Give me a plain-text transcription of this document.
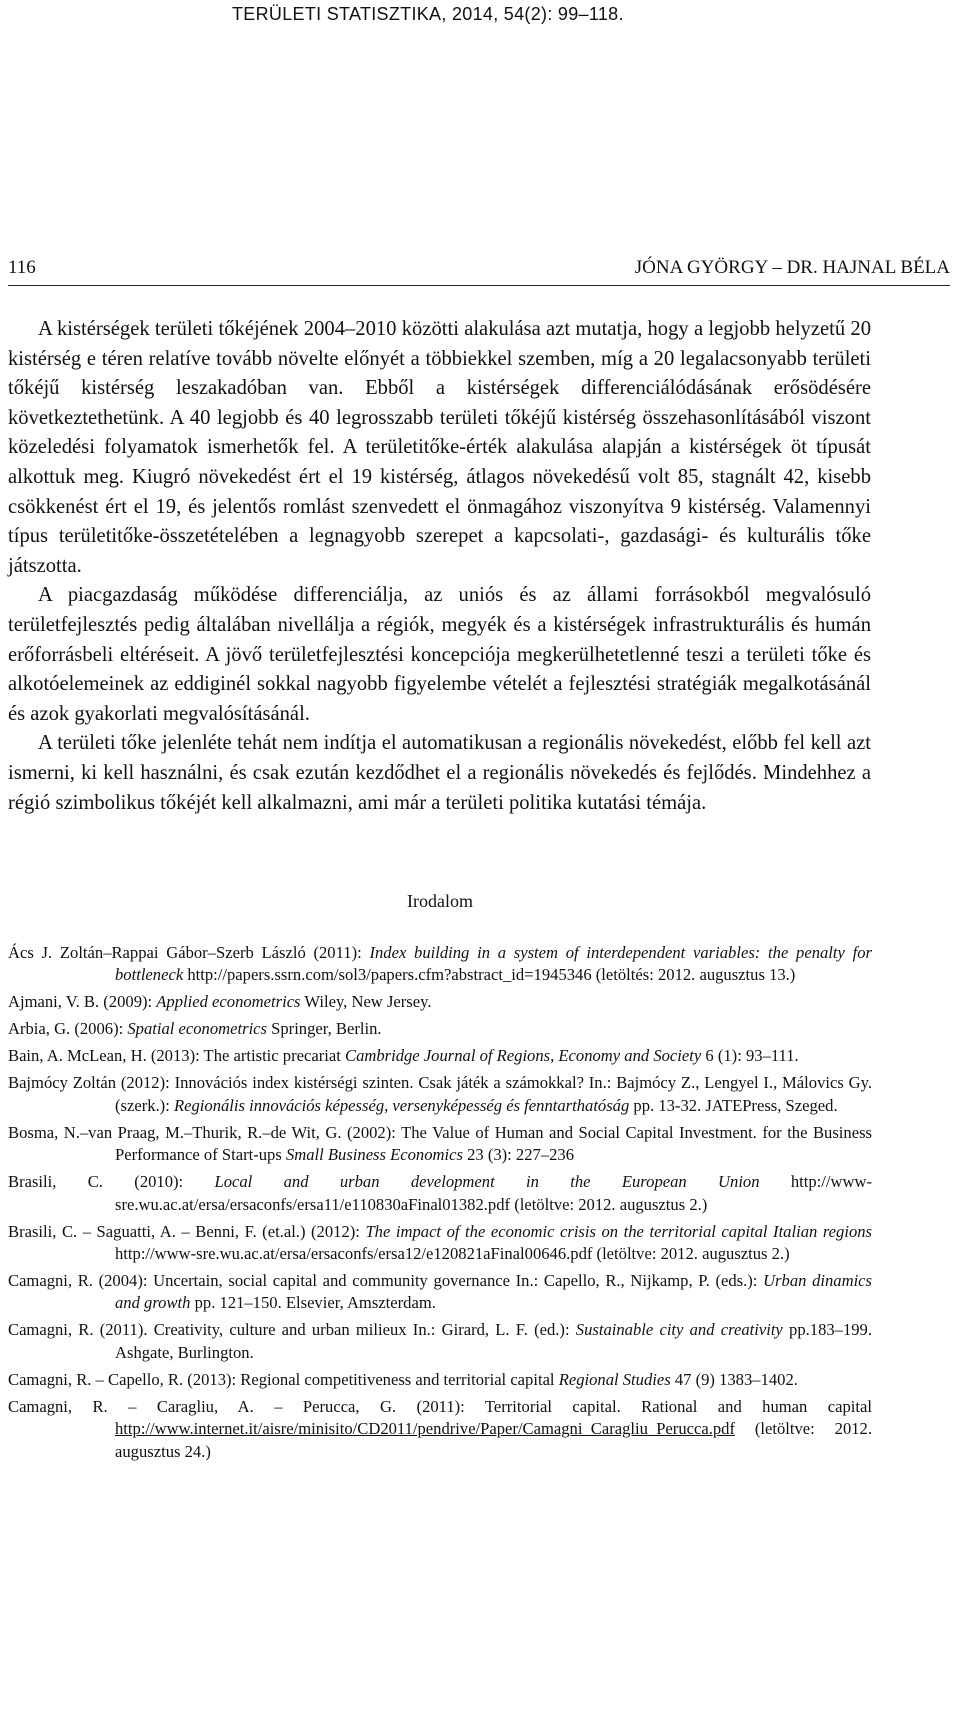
TERÜLETI STATISZTIKA, 2014, 54(2): 99–118.
116	JÓNA GYÖRGY – DR. HAJNAL BÉLA

A kistérségek területi tőkéjének 2004–2010 közötti alakulása azt mutatja, hogy a legjobb helyzetű 20 kistérség e téren relatíve tovább növelte előnyét a többiekkel szemben, míg a 20 legalacsonyabb területi tőkéjű kistérség leszakadóban van. Ebből a kistérségek differenciálódásának erősödésére következtethetünk. A 40 legjobb és 40 legrosszabb területi tőkéjű kistérség összehasonlításából viszont közeledési folyamatok ismerhetők fel. A területitőke-érték alakulása alapján a kistérségek öt típusát alkottuk meg. Kiugró növekedést ért el 19 kistérség, átlagos növekedésű volt 85, stagnált 42, kisebb csökkenést ért el 19, és jelentős romlást szenvedett el önmagához viszonyítva 9 kistérség. Valamennyi típus területitőke-összetételében a legnagyobb szerepet a kapcsolati-, gazdasági- és kulturális tőke játszotta.

A piacgazdaság működése differenciálja, az uniós és az állami forrásokból megvalósuló területfejlesztés pedig általában nivellálja a régiók, megyék és a kistérségek infrastrukturális és humán erőforrásbeli eltéréseit. A jövő területfejlesztési koncepciója megkerülhetetlenné teszi a területi tőke és alkotóelemeinek az eddiginél sokkal nagyobb figyelembe vételét a fejlesztési stratégiák megalkotásánál és azok gyakorlati megvalósításánál.

A területi tőke jelenléte tehát nem indítja el automatikusan a regionális növekedést, előbb fel kell azt ismerni, ki kell használni, és csak ezután kezdődhet el a regionális növekedés és fejlődés. Mindehhez a régió szimbolikus tőkéjét kell alkalmazni, ami már a területi politika kutatási témája.

Irodalom

Ács J. Zoltán–Rappai Gábor–Szerb László (2011): Index building in a system of interdependent variables: the penalty for bottleneck http://papers.ssrn.com/sol3/papers.cfm?abstract_id=1945346 (letöltés: 2012. augusztus 13.)

Ajmani, V. B. (2009): Applied econometrics Wiley, New Jersey.

Arbia, G. (2006): Spatial econometrics Springer, Berlin.

Bain, A. McLean, H. (2013): The artistic precariat Cambridge Journal of Regions, Economy and Society 6 (1): 93–111.

Bajmócy Zoltán (2012): Innovációs index kistérségi szinten. Csak játék a számokkal? In.: Bajmócy Z., Lengyel I., Málovics Gy. (szerk.): Regionális innovációs képesség, versenyképesség és fenntarthatóság pp. 13-32. JATEPress, Szeged.

Bosma, N.–van Praag, M.–Thurik, R.–de Wit, G. (2002): The Value of Human and Social Capital Investment. for the Business Performance of Start-ups Small Business Economics 23 (3): 227–236

Brasili, C. (2010): Local and urban development in the European Union http://www-sre.wu.ac.at/ersa/ersaconfs/ersa11/e110830aFinal01382.pdf (letöltve: 2012. augusztus 2.)

Brasili, C. – Saguatti, A. – Benni, F. (et.al.) (2012): The impact of the economic crisis on the territorial capital Italian regions http://www-sre.wu.ac.at/ersa/ersaconfs/ersa12/e120821aFinal00646.pdf (letöltve: 2012. augusztus 2.)

Camagni, R. (2004): Uncertain, social capital and community governance In.: Capello, R., Nijkamp, P. (eds.): Urban dinamics and growth pp. 121–150. Elsevier, Amszterdam.

Camagni, R. (2011). Creativity, culture and urban milieux In.: Girard, L. F. (ed.): Sustainable city and creativity pp.183–199. Ashgate, Burlington.

Camagni, R. – Capello, R. (2013): Regional competitiveness and territorial capital Regional Studies 47 (9) 1383–1402.

Camagni, R. – Caragliu, A. – Perucca, G. (2011): Territorial capital. Rational and human capital http://www.internet.it/aisre/minisito/CD2011/pendrive/Paper/Camagni_Caragliu_Perucca.pdf (letöltve: 2012. augusztus 24.)
